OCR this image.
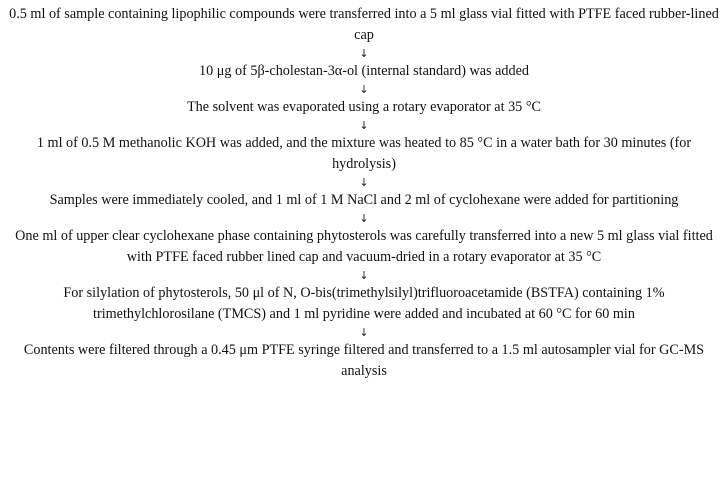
0.5 ml of sample containing lipophilic compounds were transferred into a 5 ml glass vial fitted with PTFE faced rubber-lined cap

↓

10 μg of 5β-cholestan-3α-ol (internal standard) was added

↓

The solvent was evaporated using a rotary evaporator at 35 °C

↓

1 ml of 0.5 M methanolic KOH was added, and the mixture was heated to 85 °C in a water bath for 30 minutes (for hydrolysis)

↓

Samples were immediately cooled, and 1 ml of 1 M NaCl and 2 ml of cyclohexane were added for partitioning

↓

One ml of upper clear cyclohexane phase containing phytosterols was carefully transferred into a new 5 ml glass vial fitted with PTFE faced rubber lined cap and vacuum-dried in a rotary evaporator at 35 °C

↓

For silylation of phytosterols, 50 μl of N, O-bis(trimethylsilyl)trifluoroacetamide (BSTFA) containing 1% trimethylchlorosilane (TMCS) and 1 ml pyridine were added and incubated at 60 °C for 60 min

↓

Contents were filtered through a 0.45 μm PTFE syringe filtered and transferred to a 1.5 ml autosampler vial for GC-MS analysis
